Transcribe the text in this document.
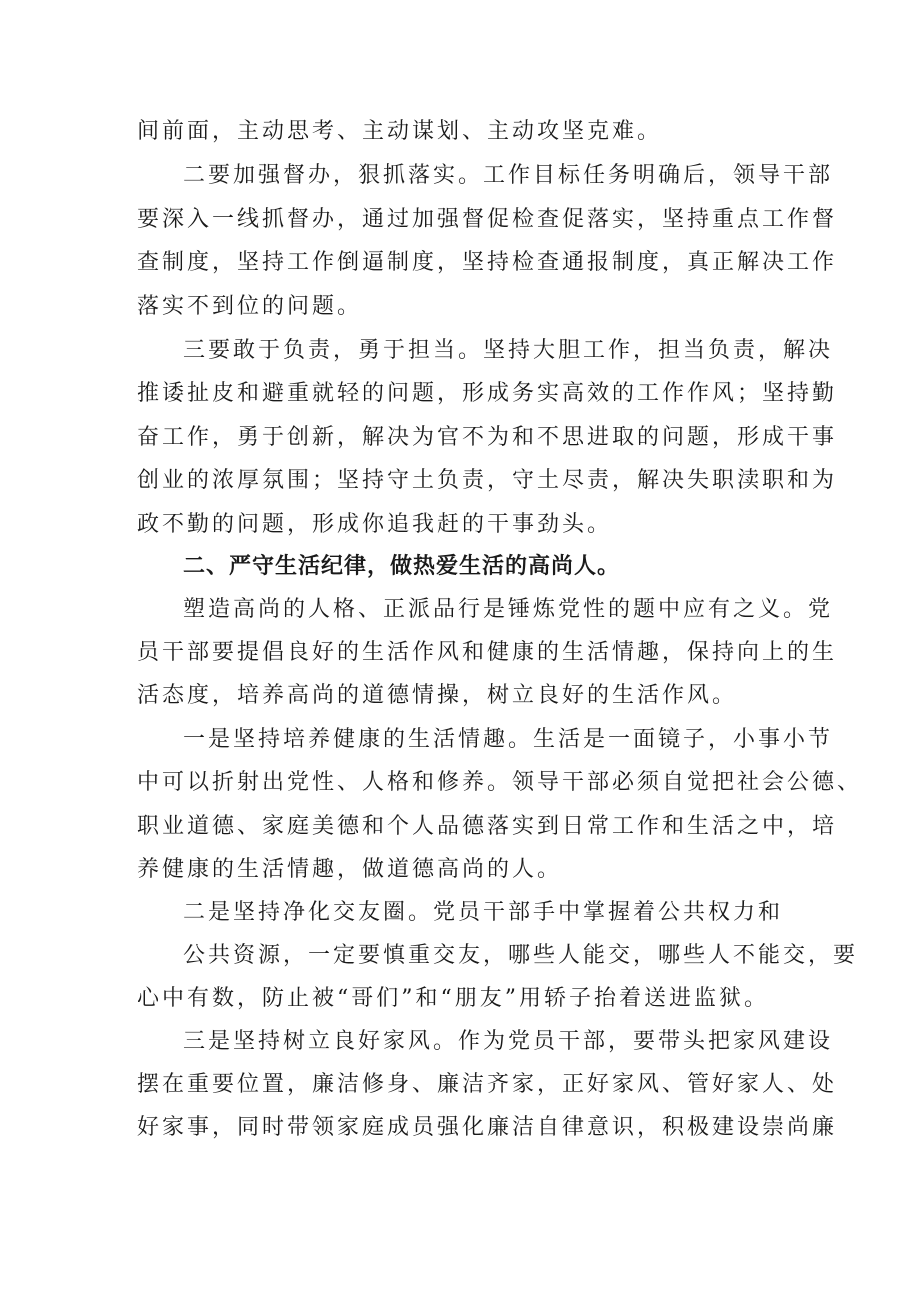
间前面，主动思考、主动谋划、主动攻坚克难。
二要加强督办，狠抓落实。工作目标任务明确后，领导干部
要深入一线抓督办，通过加强督促检查促落实，坚持重点工作督
查制度，坚持工作倒逼制度，坚持检查通报制度，真正解决工作
落实不到位的问题。
三要敢于负责，勇于担当。坚持大胆工作，担当负责，解决
推诿扯皮和避重就轻的问题，形成务实高效的工作作风；坚持勤
奋工作，勇于创新，解决为官不为和不思进取的问题，形成干事
创业的浓厚氛围；坚持守土负责，守土尽责，解决失职渎职和为
政不勤的问题，形成你追我赶的干事劲头。
二、严守生活纪律，做热爱生活的高尚人。
塑造高尚的人格、正派品行是锤炼党性的题中应有之义。党
员干部要提倡良好的生活作风和健康的生活情趣，保持向上的生
活态度，培养高尚的道德情操，树立良好的生活作风。
一是坚持培养健康的生活情趣。生活是一面镜子，小事小节
中可以折射出党性、人格和修养。领导干部必须自觉把社会公德、
职业道德、家庭美德和个人品德落实到日常工作和生活之中，培
养健康的生活情趣，做道德高尚的人。
二是坚持净化交友圈。党员干部手中掌握着公共权力和
公共资源，一定要慎重交友，哪些人能交，哪些人不能交，要
心中有数，防止被“哥们”和“朋友”用轿子抬着送进监狱。
三是坚持树立良好家风。作为党员干部，要带头把家风建设
摆在重要位置，廉洁修身、廉洁齐家，正好家风、管好家人、处
好家事，同时带领家庭成员强化廉洁自律意识，积极建设崇尚廉
